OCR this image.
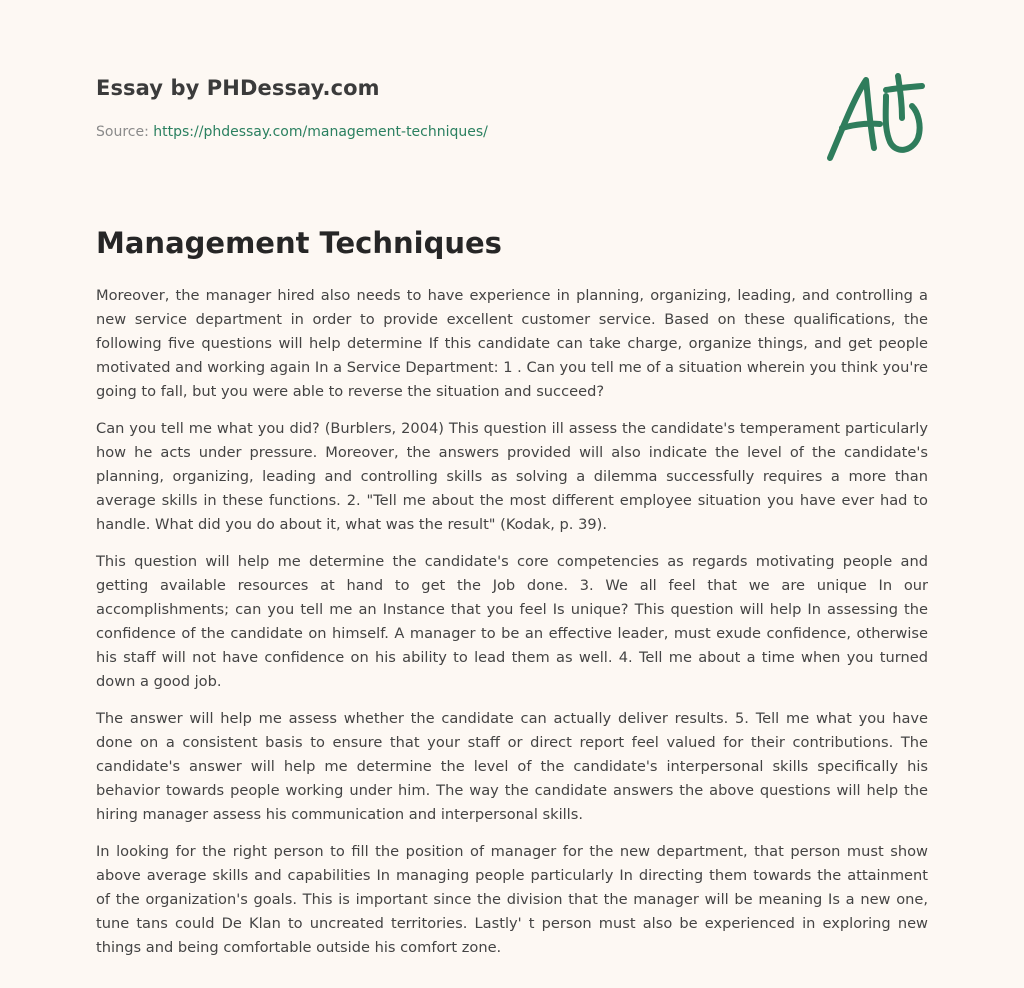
Essay by PHDessay.com
Source: https://phdessay.com/management-techniques/
Management Techniques

Moreover, the manager hired also needs to have experience in planning, organizing, leading, and controlling a new service department in order to provide excellent customer service. Based on these qualifications, the following five questions will help determine If this candidate can take charge, organize things, and get people motivated and working again In a Service Department: 1 . Can you tell me of a situation wherein you think you're going to fall, but you were able to reverse the situation and succeed?

Can you tell me what you did? (Burblers, 2004) This question ill assess the candidate's temperament particularly how he acts under pressure. Moreover, the answers provided will also indicate the level of the candidate's planning, organizing, leading and controlling skills as solving a dilemma successfully requires a more than average skills in these functions. 2. "Tell me about the most different employee situation you have ever had to handle. What did you do about it, what was the result" (Kodak, p. 39).

This question will help me determine the candidate's core competencies as regards motivating people and getting available resources at hand to get the Job done. 3. We all feel that we are unique In our accomplishments; can you tell me an Instance that you feel Is unique? This question will help In assessing the confidence of the candidate on himself. A manager to be an effective leader, must exude confidence, otherwise his staff will not have confidence on his ability to lead them as well. 4. Tell me about a time when you turned down a good job.

The answer will help me assess whether the candidate can actually deliver results. 5. Tell me what you have done on a consistent basis to ensure that your staff or direct report feel valued for their contributions. The candidate's answer will help me determine the level of the candidate's interpersonal skills specifically his behavior towards people working under him. The way the candidate answers the above questions will help the hiring manager assess his communication and interpersonal skills.

In looking for the right person to fill the position of manager for the new department, that person must show above average skills and capabilities In managing people particularly In directing them towards the attainment of the organization's goals. This is important since the division that the manager will be meaning Is a new one, tune tans could De Klan to uncreated territories. Lastly' t person must also be experienced in exploring new things and being comfortable outside his comfort zone.
